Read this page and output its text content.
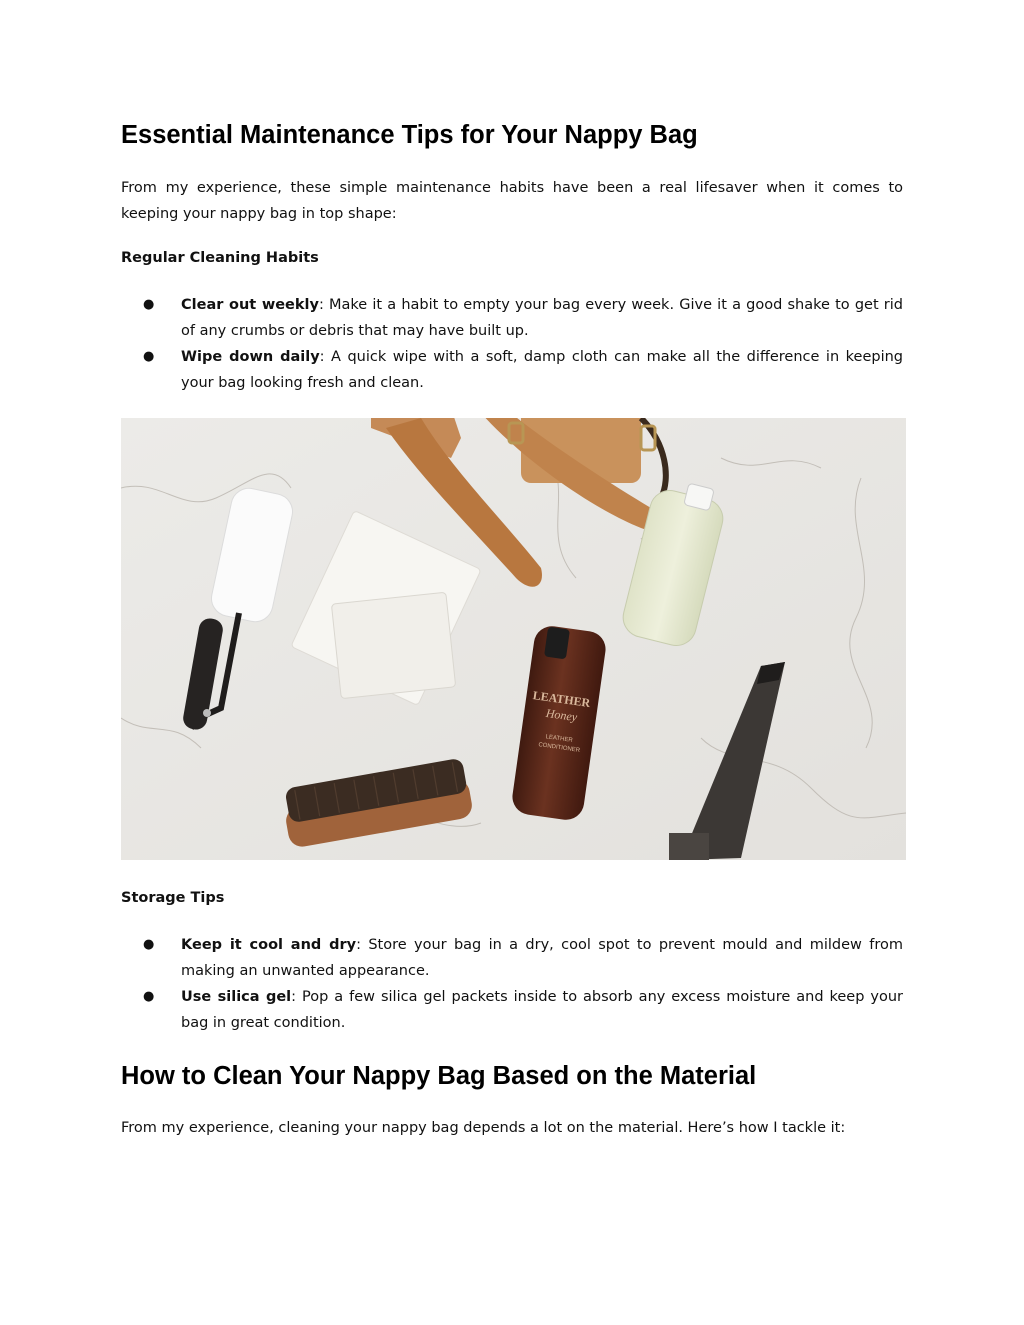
Essential Maintenance Tips for Your Nappy Bag

From my experience, these simple maintenance habits have been a real lifesaver when it comes to keeping your nappy bag in top shape:

Regular Cleaning Habits

● Clear out weekly: Make it a habit to empty your bag every week. Give it a good shake to get rid of any crumbs or debris that may have built up.
● Wipe down daily: A quick wipe with a soft, damp cloth can make all the difference in keeping your bag looking fresh and clean.
LEATHER
Honey
LEATHER
CONDITIONER

Storage Tips

● Keep it cool and dry: Store your bag in a dry, cool spot to prevent mould and mildew from making an unwanted appearance.
● Use silica gel: Pop a few silica gel packets inside to absorb any excess moisture and keep your bag in great condition.
How to Clean Your Nappy Bag Based on the Material

From my experience, cleaning your nappy bag depends a lot on the material. Here’s how I tackle it:
